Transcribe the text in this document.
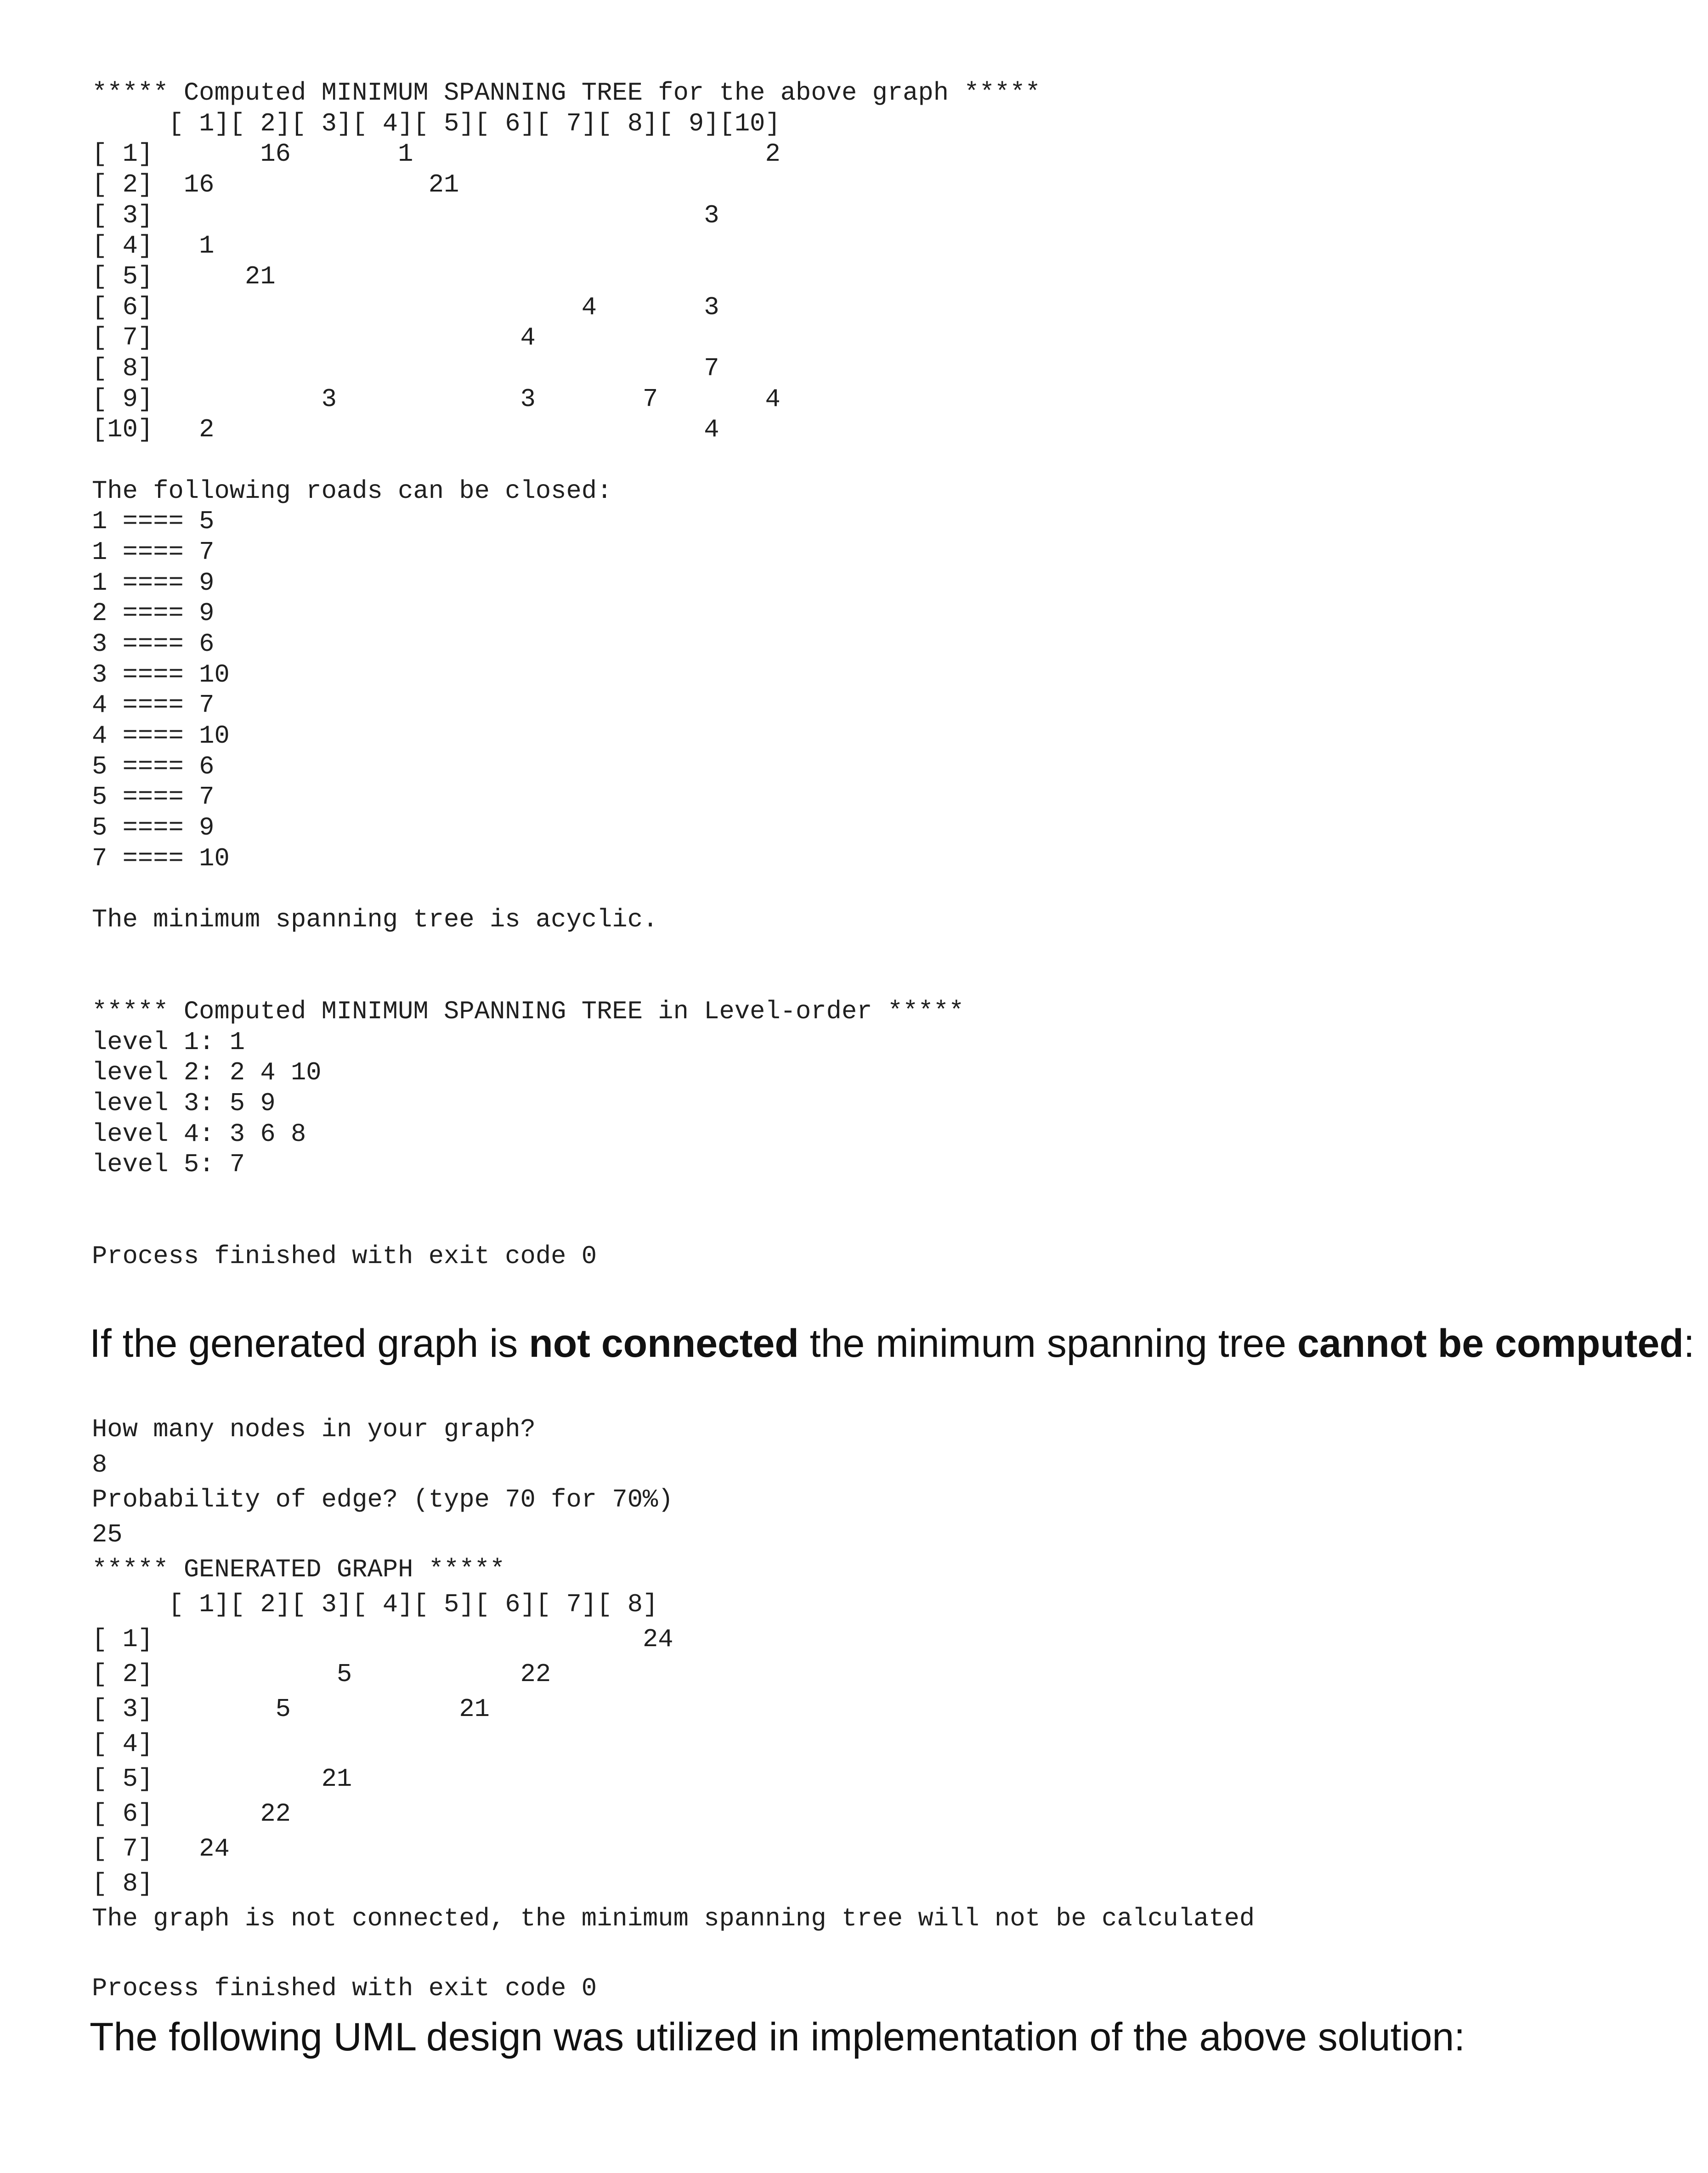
***** Computed MINIMUM SPANNING TREE for the above graph *****
[ 1][ 2][ 3][ 4][ 5][ 6][ 7][ 8][ 9][10]
[ 1]       16       1                       2
[ 2]  16              21
[ 3]                                    3
[ 4]   1
[ 5]      21
[ 6]                            4       3
[ 7]                        4
[ 8]                                    7
[ 9]           3            3       7       4
[10]   2                                4
The following roads can be closed:
1 ==== 5
1 ==== 7
1 ==== 9
2 ==== 9
3 ==== 6
3 ==== 10
4 ==== 7
4 ==== 10
5 ==== 6
5 ==== 7
5 ==== 9
7 ==== 10
The minimum spanning tree is acyclic.
***** Computed MINIMUM SPANNING TREE in Level-order *****
level 1: 1
level 2: 2 4 10
level 3: 5 9
level 4: 3 6 8
level 5: 7
Process finished with exit code 0
If the generated graph is not connected the minimum spanning tree cannot be computed:
How many nodes in your graph?
8
Probability of edge? (type 70 for 70%)
25
***** GENERATED GRAPH *****
[ 1][ 2][ 3][ 4][ 5][ 6][ 7][ 8]
[ 1]                                24
[ 2]            5           22
[ 3]        5           21
[ 4]
[ 5]           21
[ 6]       22
[ 7]   24
[ 8]
The graph is not connected, the minimum spanning tree will not be calculated
Process finished with exit code 0
The following UML design was utilized in implementation of the above solution:
